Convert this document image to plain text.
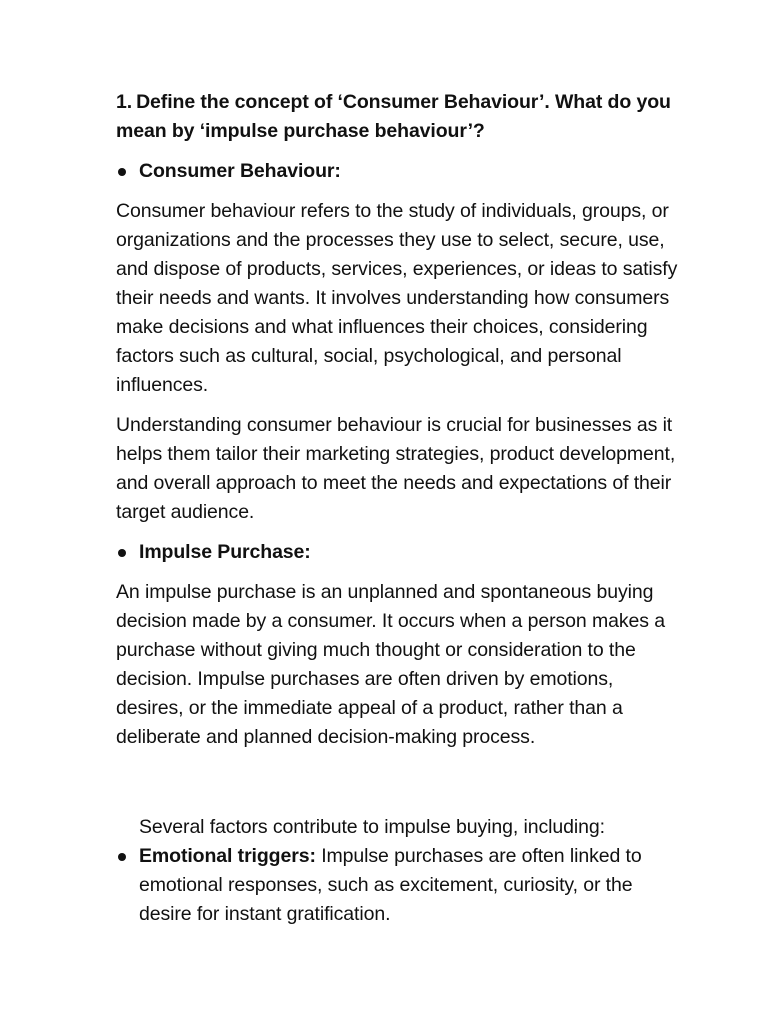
1. Define the concept of ‘Consumer Behaviour’. What do you mean by ‘impulse purchase behaviour’?

Consumer Behaviour:

Consumer behaviour refers to the study of individuals, groups, or organizations and the processes they use to select, secure, use, and dispose of products, services, experiences, or ideas to satisfy their needs and wants. It involves understanding how consumers make decisions and what influences their choices, considering factors such as cultural, social, psychological, and personal influences.

Understanding consumer behaviour is crucial for businesses as it helps them tailor their marketing strategies, product development, and overall approach to meet the needs and expectations of their target audience.

Impulse Purchase:

An impulse purchase is an unplanned and spontaneous buying decision made by a consumer. It occurs when a person makes a purchase without giving much thought or consideration to the decision. Impulse purchases are often driven by emotions, desires, or the immediate appeal of a product, rather than a deliberate and planned decision-making process.

Several factors contribute to impulse buying, including:

Emotional triggers: Impulse purchases are often linked to emotional responses, such as excitement, curiosity, or the desire for instant gratification.
